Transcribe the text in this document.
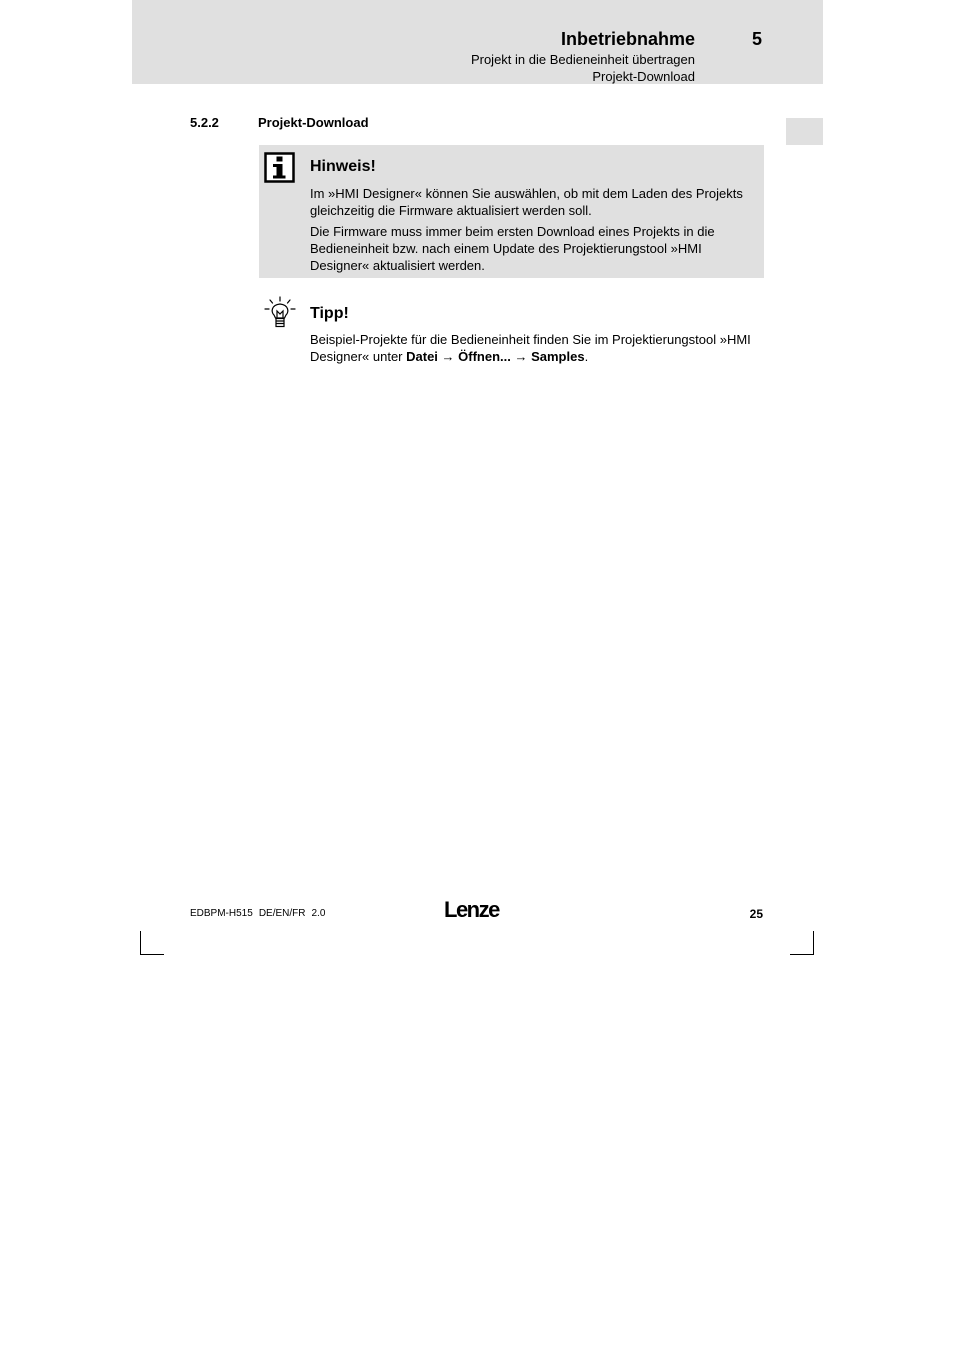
Inbetriebnahme	5
Projekt in die Bedieneinheit übertragen
Projekt-Download
5.2.2	Projekt-Download
Hinweis!
Im »HMI Designer« können Sie auswählen, ob mit dem Laden des Projekts gleichzeitig die Firmware aktualisiert werden soll.
Die Firmware muss immer beim ersten Download eines Projekts in die Bedieneinheit bzw. nach einem Update des Projektierungstool »HMI Designer« aktualisiert werden.
Tipp!
Beispiel-Projekte für die Bedieneinheit finden Sie im Projektierungstool »HMI Designer« unter Datei → Öffnen... → Samples.
EDBPM-H515 DE/EN/FR 2.0	Lenze	25
